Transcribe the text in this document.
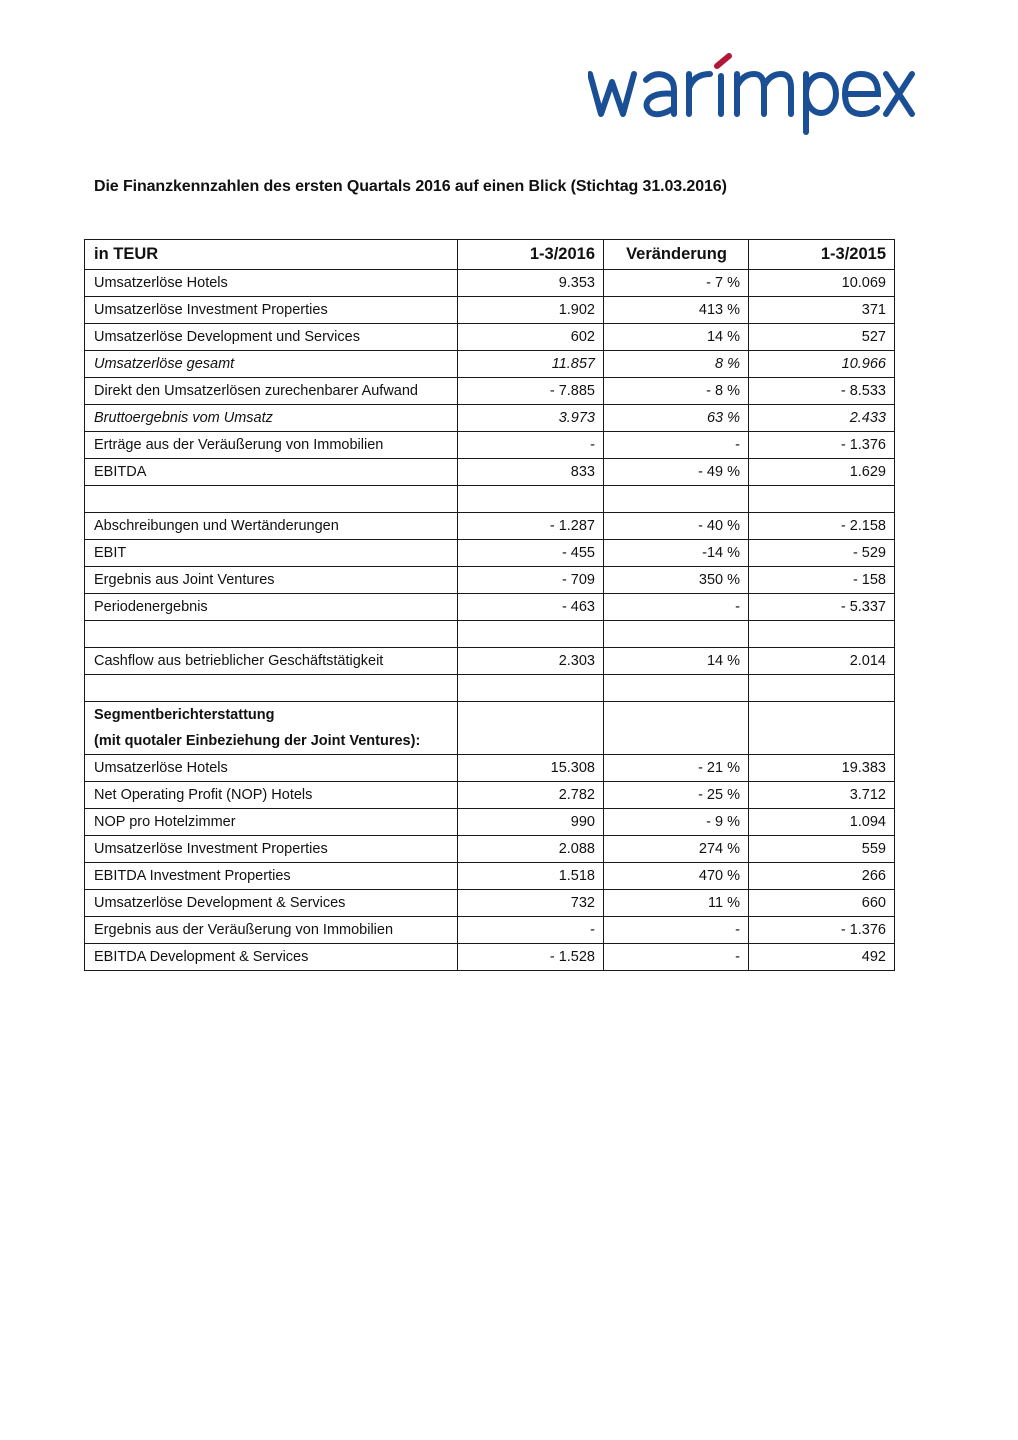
Die Finanzkennzahlen des ersten Quartals 2016 auf einen Blick (Stichtag 31.03.2016)
in TEUR	1-3/2016	Veränderung	1-3/2015
Umsatzerlöse Hotels	9.353	- 7 %	10.069
Umsatzerlöse Investment Properties	1.902	413 %	371
Umsatzerlöse Development und Services	602	14 %	527
Umsatzerlöse gesamt	11.857	8 %	10.966
Direkt den Umsatzerlösen zurechenbarer Aufwand	- 7.885	- 8 %	- 8.533
Bruttoergebnis vom Umsatz	3.973	63 %	2.433
Erträge aus der Veräußerung von Immobilien	-	-	- 1.376
EBITDA	833	- 49 %	1.629

Abschreibungen und Wertänderungen	- 1.287	- 40 %	- 2.158
EBIT	- 455	-14 %	- 529
Ergebnis aus Joint Ventures	- 709	350 %	- 158
Periodenergebnis	- 463	-	- 5.337

Cashflow aus betrieblicher Geschäftstätigkeit	2.303	14 %	2.014

Segmentberichterstattung
(mit quotaler Einbeziehung der Joint Ventures):			

Umsatzerlöse Hotels	15.308	- 21 %	19.383
Net Operating Profit (NOP) Hotels	2.782	- 25 %	3.712
NOP pro Hotelzimmer	990	- 9 %	1.094
Umsatzerlöse Investment Properties	2.088	274 %	559
EBITDA Investment Properties	1.518	470 %	266
Umsatzerlöse Development & Services	732	11 %	660
Ergebnis aus der Veräußerung von Immobilien	-	-	- 1.376
EBITDA Development & Services	- 1.528	-	492
